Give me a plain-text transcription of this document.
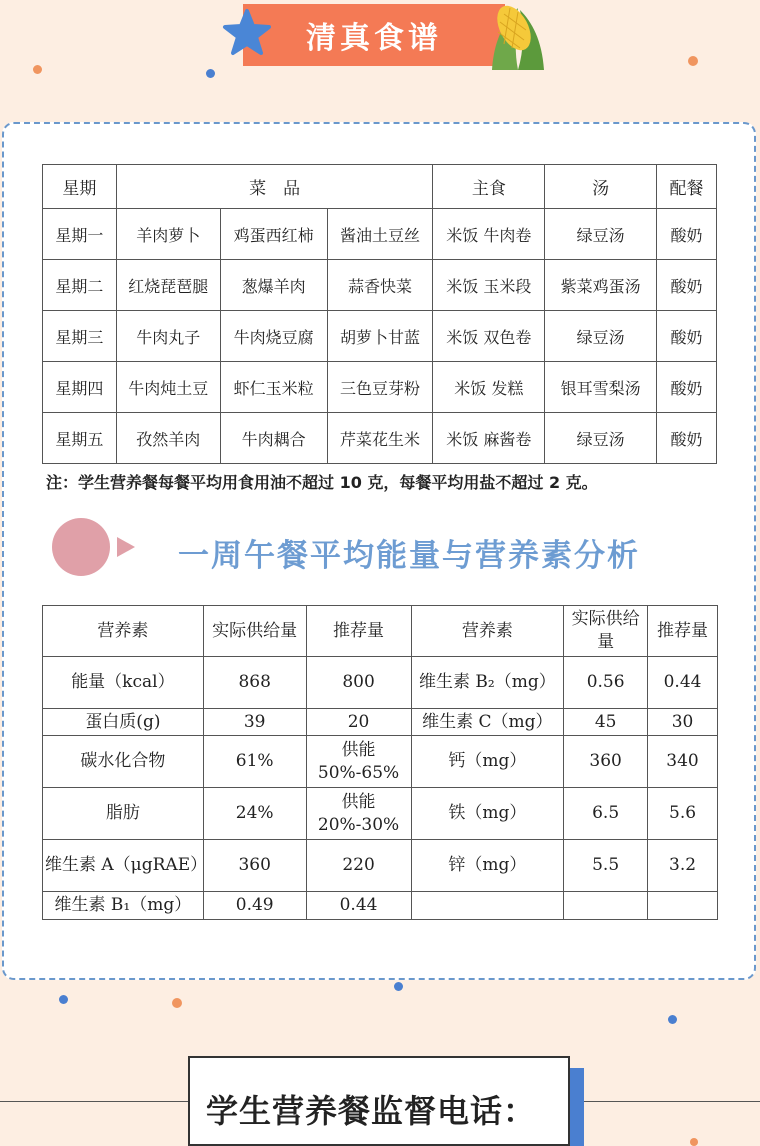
清真食谱
星期	菜　品			主食	汤	配餐
星期一	羊肉萝卜	鸡蛋西红柿	酱油土豆丝	米饭 牛肉卷	绿豆汤	酸奶
星期二	红烧琵琶腿	葱爆羊肉	蒜香快菜	米饭 玉米段	紫菜鸡蛋汤	酸奶
星期三	牛肉丸子	牛肉烧豆腐	胡萝卜甘蓝	米饭 双色卷	绿豆汤	酸奶
星期四	牛肉炖土豆	虾仁玉米粒	三色豆芽粉	米饭 发糕	银耳雪梨汤	酸奶
星期五	孜然羊肉	牛肉耦合	芹菜花生米	米饭 麻酱卷	绿豆汤	酸奶
注：学生营养餐每餐平均用食用油不超过 10 克，每餐平均用盐不超过 2 克。
一周午餐平均能量与营养素分析
营养素	实际供给量	推荐量	营养素	实际供给量	推荐量
能量（kcal）	868	800	维生素 B₂（mg）	0.56	0.44
蛋白质(g)	39	20	维生素 C（mg）	45	30
碳水化合物	61%	供能 50%-65%	钙（mg）	360	340
脂肪	24%	供能 20%-30%	铁（mg）	6.5	5.6
维生素 A（μgRAE）	360	220	锌（mg）	5.5	3.2
维生素 B₁（mg）	0.49	0.44			
学生营养餐监督电话：
